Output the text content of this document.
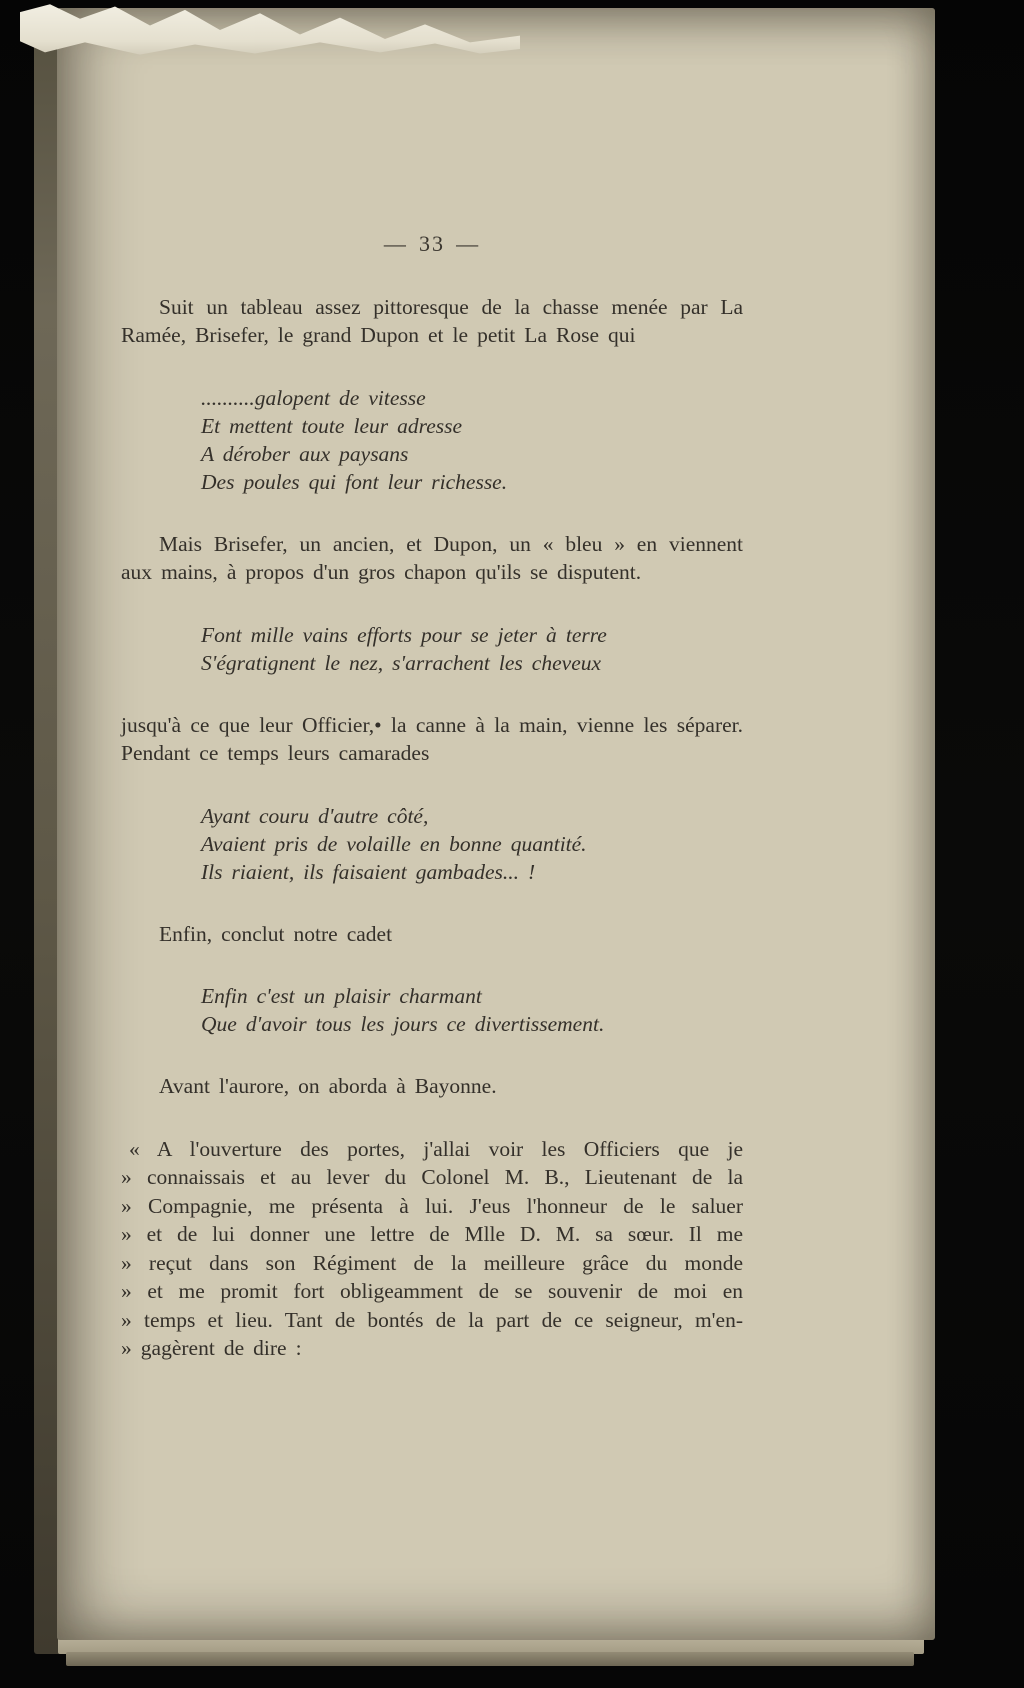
— 33 —

Suit un tableau assez pittoresque de la chasse menée par La Ramée, Brisefer, le grand Dupon et le petit La Rose qui

..........galopent de vitesse
Et mettent toute leur adresse
A dérober aux paysans
Des poules qui font leur richesse.

Mais Brisefer, un ancien, et Dupon, un « bleu » en viennent aux mains, à propos d'un gros chapon qu'ils se disputent.

Font mille vains efforts pour se jeter à terre
S'égratignent le nez, s'arrachent les cheveux

jusqu'à ce que leur Officier,• la canne à la main, vienne les séparer. Pendant ce temps leurs camarades

Ayant couru d'autre côté,
Avaient pris de volaille en bonne quantité.
Ils riaient, ils faisaient gambades... !

Enfin, conclut notre cadet

Enfin c'est un plaisir charmant
Que d'avoir tous les jours ce divertissement.

Avant l'aurore, on aborda à Bayonne.

« A l'ouverture des portes, j'allai voir les Officiers que je
» connaissais et au lever du Colonel M. B., Lieutenant de la
» Compagnie, me présenta à lui. J'eus l'honneur de le saluer
» et de lui donner une lettre de Mlle D. M. sa sœur. Il me
» reçut dans son Régiment de la meilleure grâce du monde
» et me promit fort obligeamment de se souvenir de moi en
» temps et lieu. Tant de bontés de la part de ce seigneur, m'en-
» gagèrent de dire :
